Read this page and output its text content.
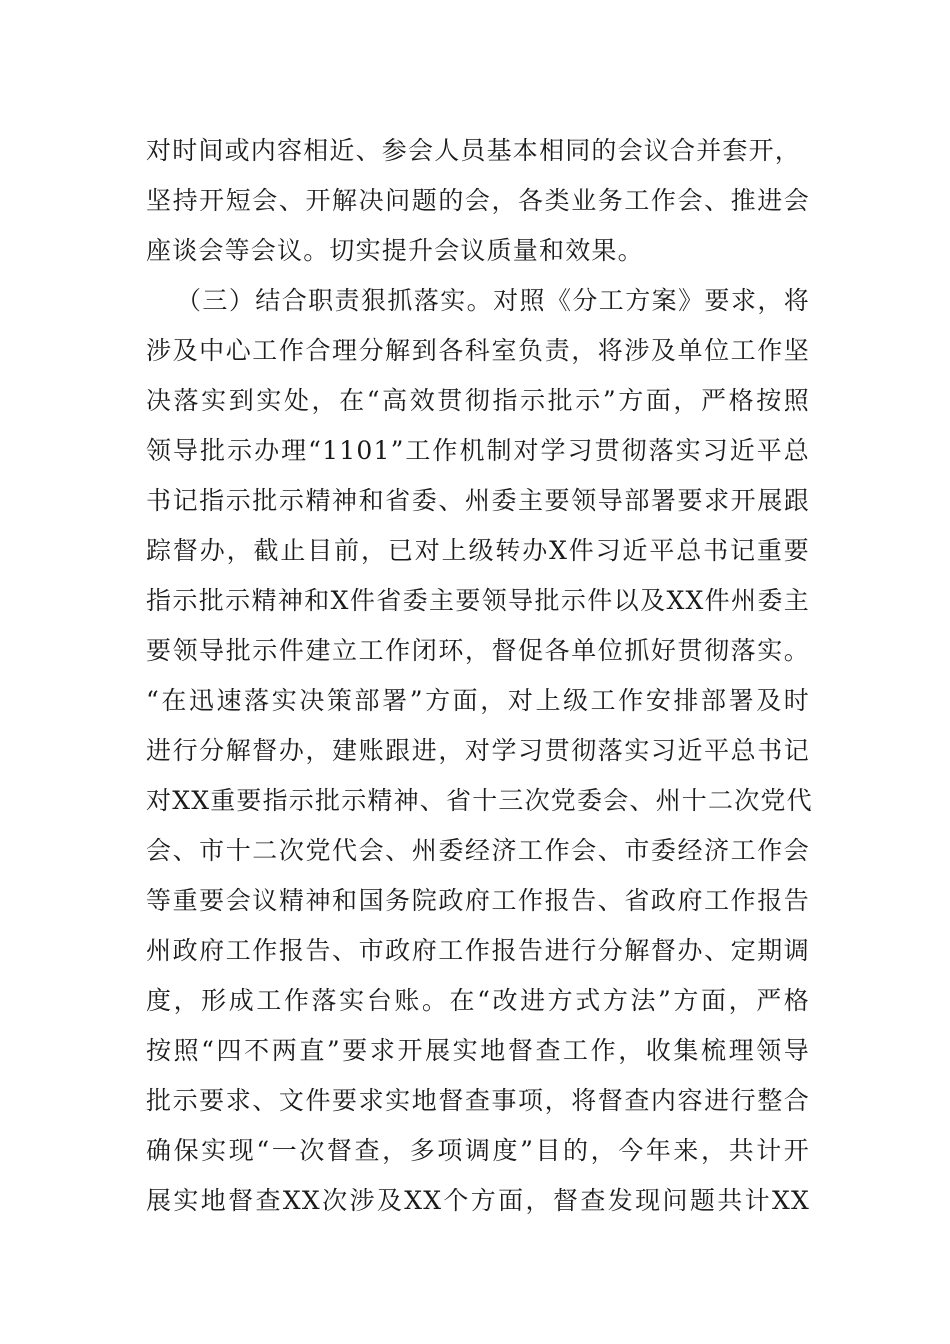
对时间或内容相近、参会人员基本相同的会议合并套开，
坚持开短会、开解决问题的会，各类业务工作会、推进会
座谈会等会议。切实提升会议质量和效果。
（三）结合职责狠抓落实。对照《分工方案》要求，将
涉及中心工作合理分解到各科室负责，将涉及单位工作坚
决落实到实处，在“高效贯彻指示批示”方面，严格按照
领导批示办理“1101”工作机制对学习贯彻落实习近平总
书记指示批示精神和省委、州委主要领导部署要求开展跟
踪督办，截止目前，已对上级转办X件习近平总书记重要
指示批示精神和X件省委主要领导批示件以及XX件州委主
要领导批示件建立工作闭环，督促各单位抓好贯彻落实。
“在迅速落实决策部署”方面，对上级工作安排部署及时
进行分解督办，建账跟进，对学习贯彻落实习近平总书记
对XX重要指示批示精神、省十三次党委会、州十二次党代
会、市十二次党代会、州委经济工作会、市委经济工作会
等重要会议精神和国务院政府工作报告、省政府工作报告
州政府工作报告、市政府工作报告进行分解督办、定期调
度，形成工作落实台账。在“改进方式方法”方面，严格
按照“四不两直”要求开展实地督查工作，收集梳理领导
批示要求、文件要求实地督查事项，将督查内容进行整合
确保实现“一次督查，多项调度”目的，今年来，共计开
展实地督查XX次涉及XX个方面，督查发现问题共计XX
